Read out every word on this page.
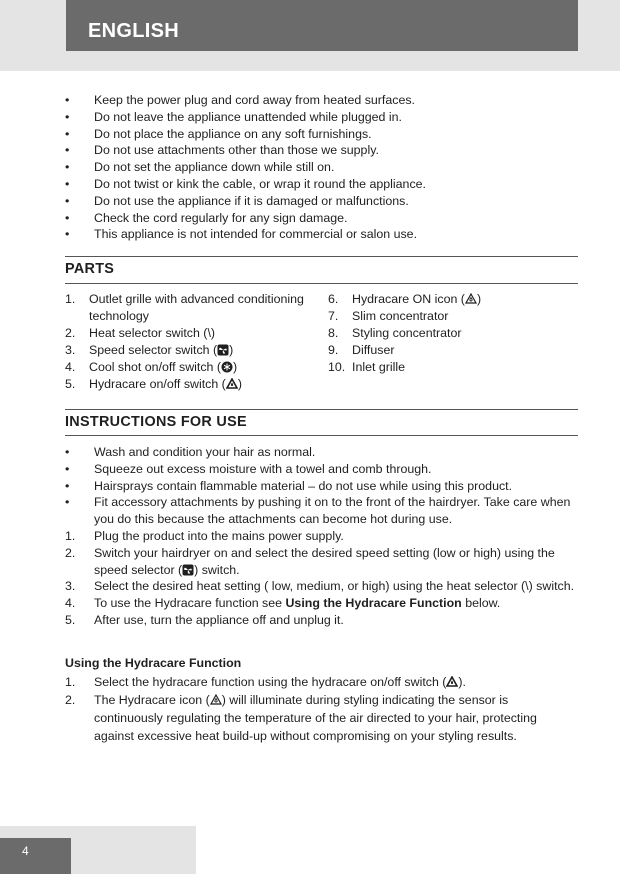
ENGLISH
• Keep the power plug and cord away from heated surfaces.
• Do not leave the appliance unattended while plugged in.
• Do not place the appliance on any soft furnishings.
• Do not use attachments other than those we supply.
• Do not set the appliance down while still on.
• Do not twist or kink the cable, or wrap it round the appliance.
• Do not use the appliance if it is damaged or malfunctions.
• Check the cord regularly for any sign damage.
• This appliance is not intended for commercial or salon use.
PARTS
1. Outlet grille with advanced conditioning technology
2. Heat selector switch (\)
3. Speed selector switch ( )
4. Cool shot on/off switch ( )
5. Hydracare on/off switch ( )
6. Hydracare ON icon ( )
7. Slim concentrator
8. Styling concentrator
9. Diffuser
10. Inlet grille
INSTRUCTIONS FOR USE
• Wash and condition your hair as normal.
• Squeeze out excess moisture with a towel and comb through.
• Hairsprays contain flammable material – do not use while using this product.
• Fit accessory attachments by pushing it on to the front of the hairdryer. Take care when you do this because the attachments can become hot during use.
1. Plug the product into the mains power supply.
2. Switch your hairdryer on and select the desired speed setting (low or high) using the speed selector ( ) switch.
3. Select the desired heat setting ( low, medium, or high) using the heat selector (\) switch.
4. To use the Hydracare function see Using the Hydracare Function below.
5. After use, turn the appliance off and unplug it.
Using the Hydracare Function
1. Select the hydracare function using the hydracare on/off switch ( ).
2. The Hydracare icon ( ) will illuminate during styling indicating the sensor is continuously regulating the temperature of the air directed to your hair, protecting against excessive heat build-up without compromising on your styling results.
4
